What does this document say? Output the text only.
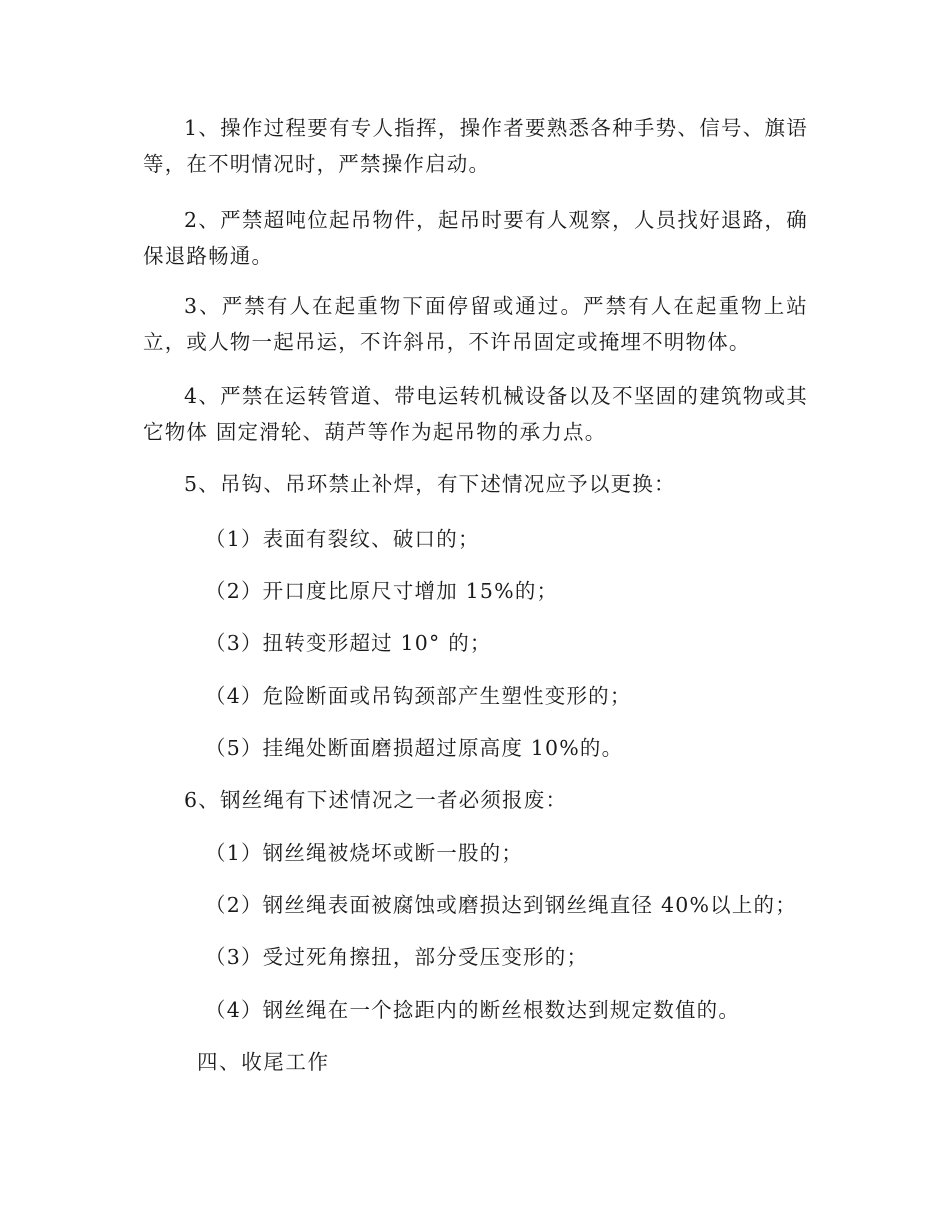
1、操作过程要有专人指挥，操作者要熟悉各种手势、信号、旗语等，在不明情况时，严禁操作启动。

2、严禁超吨位起吊物件，起吊时要有人观察，人员找好退路，确保退路畅通。

3、严禁有人在起重物下面停留或通过。严禁有人在起重物上站立，或人物一起吊运，不许斜吊，不许吊固定或掩埋不明物体。

4、严禁在运转管道、带电运转机械设备以及不坚固的建筑物或其它物体 固定滑轮、葫芦等作为起吊物的承力点。

5、吊钩、吊环禁止补焊，有下述情况应予以更换：

（1）表面有裂纹、破口的；

（2）开口度比原尺寸增加 15%的；

（3）扭转变形超过 10° 的；

（4）危险断面或吊钩颈部产生塑性变形的；

（5）挂绳处断面磨损超过原高度 10%的。

6、钢丝绳有下述情况之一者必须报废：

（1）钢丝绳被烧坏或断一股的；

（2）钢丝绳表面被腐蚀或磨损达到钢丝绳直径 40%以上的；

（3）受过死角擦扭，部分受压变形的；

（4）钢丝绳在一个捻距内的断丝根数达到规定数值的。

四、收尾工作
